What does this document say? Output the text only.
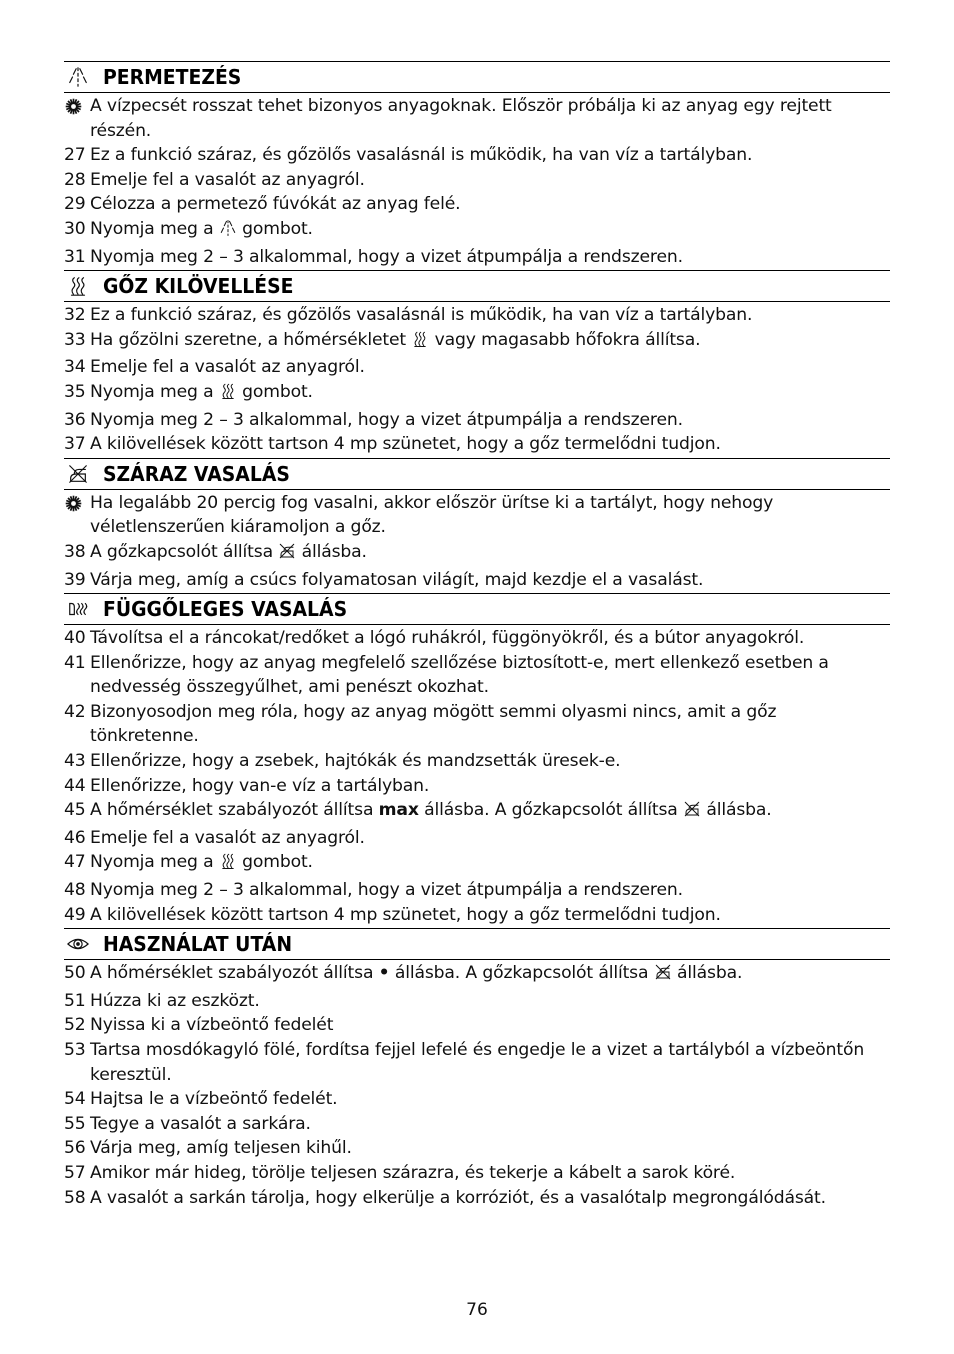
PERMETEZÉS
A vízpecsét rosszat tehet bizonyos anyagoknak. Először próbálja ki az anyag egy rejtett részén.
27 Ez a funkció száraz, és gőzölős vasalásnál is működik, ha van víz a tartályban.
28 Emelje fel a vasalót az anyagról.
29 Célozza a permetező fúvókát az anyag felé.
30 Nyomja meg a  gombot.
31 Nyomja meg 2 – 3 alkalommal, hogy a vizet átpumpálja a rendszeren.
GŐZ KILÖVELLÉSE
32 Ez a funkció száraz, és gőzölős vasalásnál is működik, ha van víz a tartályban.
33 Ha gőzölni szeretne, a hőmérsékletet  vagy magasabb hőfokra állítsa.
34 Emelje fel a vasalót az anyagról.
35 Nyomja meg a  gombot.
36 Nyomja meg 2 – 3 alkalommal, hogy a vizet átpumpálja a rendszeren.
37 A kilövellések között tartson 4 mp szünetet, hogy a gőz termelődni tudjon.
SZÁRAZ VASALÁS
Ha legalább 20 percig fog vasalni, akkor először ürítse ki a tartályt, hogy nehogy véletlenszerűen kiáramoljon a gőz.
38 A gőzkapcsolót állítsa  állásba.
39 Várja meg, amíg a csúcs folyamatosan világít, majd kezdje el a vasalást.
FÜGGŐLEGES VASALÁS
40 Távolítsa el a ráncokat/redőket a lógó ruhákról, függönyökről, és a bútor anyagokról.
41 Ellenőrizze, hogy az anyag megfelelő szellőzése biztosított-e, mert ellenkező esetben a nedvesség összegyűlhet, ami penészt okozhat.
42 Bizonyosodjon meg róla, hogy az anyag mögött semmi olyasmi nincs, amit a gőz tönkretenne.
43 Ellenőrizze, hogy a zsebek, hajtókák és mandzsetták üresek-e.
44 Ellenőrizze, hogy van-e víz a tartályban.
45 A hőmérséklet szabályozót állítsa max állásba. A gőzkapcsolót állítsa  állásba.
46 Emelje fel a vasalót az anyagról.
47 Nyomja meg a  gombot.
48 Nyomja meg 2 – 3 alkalommal, hogy a vizet átpumpálja a rendszeren.
49 A kilövellések között tartson 4 mp szünetet, hogy a gőz termelődni tudjon.
HASZNÁLAT UTÁN
50 A hőmérséklet szabályozót állítsa • állásba. A gőzkapcsolót állítsa  állásba.
51 Húzza ki az eszközt.
52 Nyissa ki a vízbeöntő fedelét
53 Tartsa mosdókagyló fölé, fordítsa fejjel lefelé és engedje le a vizet a tartályból a vízbeöntőn keresztül.
54 Hajtsa le a vízbeöntő fedelét.
55 Tegye a vasalót a sarkára.
56 Várja meg, amíg teljesen kihűl.
57 Amikor már hideg, törölje teljesen szárazra, és tekerje a kábelt a sarok köré.
58 A vasalót a sarkán tárolja, hogy elkerülje a korróziót, és a vasalótalp megrongálódását.
76
